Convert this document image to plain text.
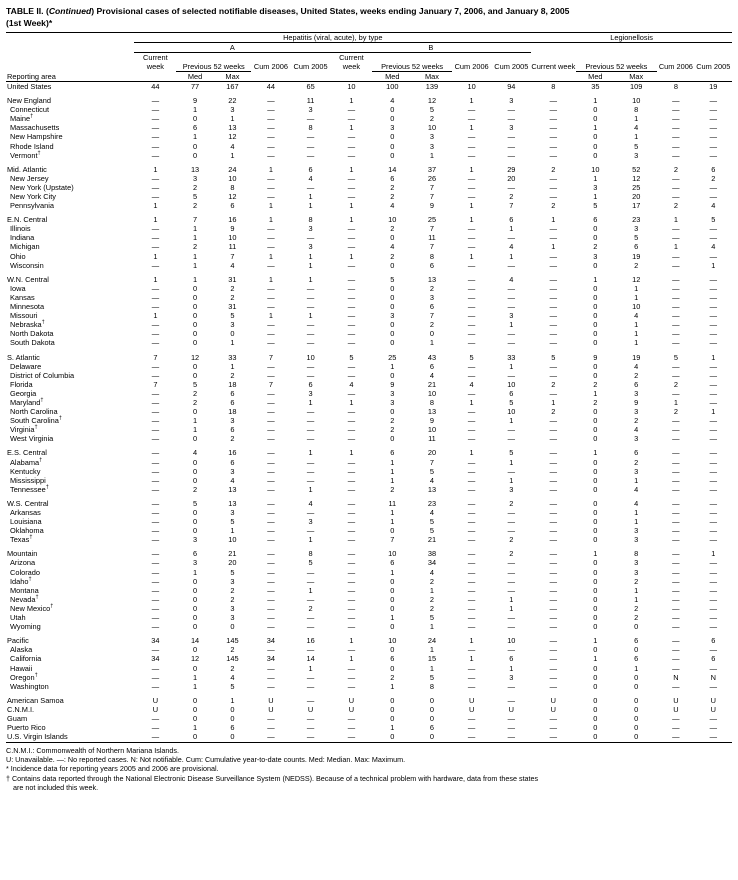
TABLE II. (Continued) Provisional cases of selected notifiable diseases, United States, weeks ending January 7, 2006, and January 8, 2005
(1st Week)*
	Hepatitis (viral, acute), by type										Legionellosis				
	A					B									
	Current week	Previous 52 weeks		Cum 2006	Cum 2005	Current week	Previous 52 weeks		Cum 2006	Cum 2005	Current week	Previous 52 weeks		Cum 2006	Cum 2005
Reporting area		Med	Max				Med	Max				Med	Max		
United States	44	77	167	44	65	10	100	139	10	94	8	35	109	8	19

New England	—	9	22	—	11	1	4	12	1	3	—	1	10	—	—
Connecticut	—	1	3	—	3	—	0	5	—	—	—	0	8	—	—
Maine†	—	0	1	—	—	—	0	2	—	—	—	0	1	—	—
Massachusetts	—	6	13	—	8	1	3	10	1	3	—	1	4	—	—
New Hampshire	—	1	12	—	—	—	0	3	—	—	—	0	1	—	—
Rhode Island	—	0	4	—	—	—	0	3	—	—	—	0	5	—	—
Vermont†	—	0	1	—	—	—	0	1	—	—	—	0	3	—	—

Mid. Atlantic	1	13	24	1	6	1	14	37	1	29	2	10	52	2	6
New Jersey	—	3	10	—	4	—	6	26	—	20	—	1	12	—	2
New York (Upstate)	—	2	8	—	—	—	2	7	—	—	—	3	25	—	—
New York City	—	5	12	—	1	—	2	7	—	2	—	1	20	—	—
Pennsylvania	1	2	6	1	1	1	4	9	1	7	2	5	17	2	4

E.N. Central	1	7	16	1	8	1	10	25	1	6	1	6	23	1	5
Illinois	—	1	9	—	3	—	2	7	—	1	—	0	3	—	—
Indiana	—	1	10	—	—	—	0	11	—	—	—	0	5	—	—
Michigan	—	2	11	—	3	—	4	7	—	4	1	2	6	1	4
Ohio	1	1	7	1	1	1	2	8	1	1	—	3	19	—	—
Wisconsin	—	1	4	—	1	—	0	6	—	—	—	0	2	—	1

W.N. Central	1	1	31	1	1	—	5	13	—	4	—	1	12	—	—
Iowa	—	0	2	—	—	—	0	2	—	—	—	0	1	—	—
Kansas	—	0	2	—	—	—	0	3	—	—	—	0	1	—	—
Minnesota	—	0	31	—	—	—	0	6	—	—	—	0	10	—	—
Missouri	1	0	5	1	1	—	3	7	—	3	—	0	4	—	—
Nebraska†	—	0	3	—	—	—	0	2	—	1	—	0	1	—	—
North Dakota	—	0	0	—	—	—	0	0	—	—	—	0	1	—	—
South Dakota	—	0	1	—	—	—	0	1	—	—	—	0	1	—	—

S. Atlantic	7	12	33	7	10	5	25	43	5	33	5	9	19	5	1
Delaware	—	0	1	—	—	—	1	6	—	1	—	0	4	—	—
District of Columbia	—	0	2	—	—	—	0	4	—	—	—	0	2	—	—
Florida	7	5	18	7	6	4	9	21	4	10	2	2	6	2	—
Georgia	—	2	6	—	3	—	3	10	—	6	—	1	3	—	—
Maryland†	—	2	6	—	1	1	3	8	1	5	1	2	9	1	—
North Carolina	—	0	18	—	—	—	0	13	—	10	2	0	3	2	1
South Carolina†	—	1	3	—	—	—	2	9	—	1	—	0	2	—	—
Virginia†	—	1	6	—	—	—	2	10	—	—	—	0	4	—	—
West Virginia	—	0	2	—	—	—	0	11	—	—	—	0	3	—	—

E.S. Central	—	4	16	—	1	1	6	20	1	5	—	1	6	—	—
Alabama†	—	0	6	—	—	—	1	7	—	1	—	0	2	—	—
Kentucky	—	0	3	—	—	—	1	5	—	—	—	0	3	—	—
Mississippi	—	0	4	—	—	—	1	4	—	1	—	0	1	—	—
Tennessee†	—	2	13	—	1	—	2	13	—	3	—	0	4	—	—

W.S. Central	—	5	13	—	4	—	11	23	—	2	—	0	4	—	—
Arkansas	—	0	3	—	—	—	1	4	—	—	—	0	1	—	—
Louisiana	—	0	5	—	3	—	1	5	—	—	—	0	1	—	—
Oklahoma	—	0	1	—	—	—	0	5	—	—	—	0	3	—	—
Texas†	—	3	10	—	1	—	7	21	—	2	—	0	3	—	—

Mountain	—	6	21	—	8	—	10	38	—	2	—	1	8	—	1
Arizona	—	3	20	—	5	—	6	34	—	—	—	0	3	—	—
Colorado	—	1	5	—	—	—	1	4	—	—	—	0	3	—	—
Idaho†	—	0	3	—	—	—	0	2	—	—	—	0	2	—	—
Montana	—	0	2	—	1	—	0	1	—	—	—	0	1	—	—
Nevada†	—	0	2	—	—	—	0	2	—	1	—	0	1	—	—
New Mexico†	—	0	3	—	2	—	0	2	—	1	—	0	2	—	—
Utah	—	0	3	—	—	—	1	5	—	—	—	0	2	—	—
Wyoming	—	0	0	—	—	—	0	1	—	—	—	0	0	—	—

Pacific	34	14	145	34	16	1	10	24	1	10	—	1	6	—	6
Alaska	—	0	2	—	—	—	0	1	—	—	—	0	0	—	—
California	34	12	145	34	14	1	6	15	1	6	—	1	6	—	6
Hawaii	—	0	2	—	1	—	0	1	—	1	—	0	1	—	—
Oregon†	—	1	4	—	—	—	2	5	—	3	—	0	0	N	N
Washington	—	1	5	—	—	—	1	8	—	—	—	0	0	—	—

American Samoa	U	0	1	U	—	U	0	0	U	—	U	0	0	U	U
C.N.M.I.	U	0	0	U	U	U	0	0	U	U	U	0	0	U	U
Guam	—	0	0	—	—	—	0	0	—	—	—	0	0	—	—
Puerto Rico	—	1	6	—	—	—	1	6	—	—	—	0	0	—	—
U.S. Virgin Islands	—	0	0	—	—	—	0	0	—	—	—	0	0	—	—
C.N.M.I.: Commonwealth of Northern Mariana Islands.
U: Unavailable. —: No reported cases. N: Not notifiable. Cum: Cumulative year-to-date counts. Med: Median. Max: Maximum.
* Incidence data for reporting years 2005 and 2006 are provisional.
† Contains data reported through the National Electronic Disease Surveillance System (NEDSS). Because of a technical problem with hardware, data from these states
are not included this week.
